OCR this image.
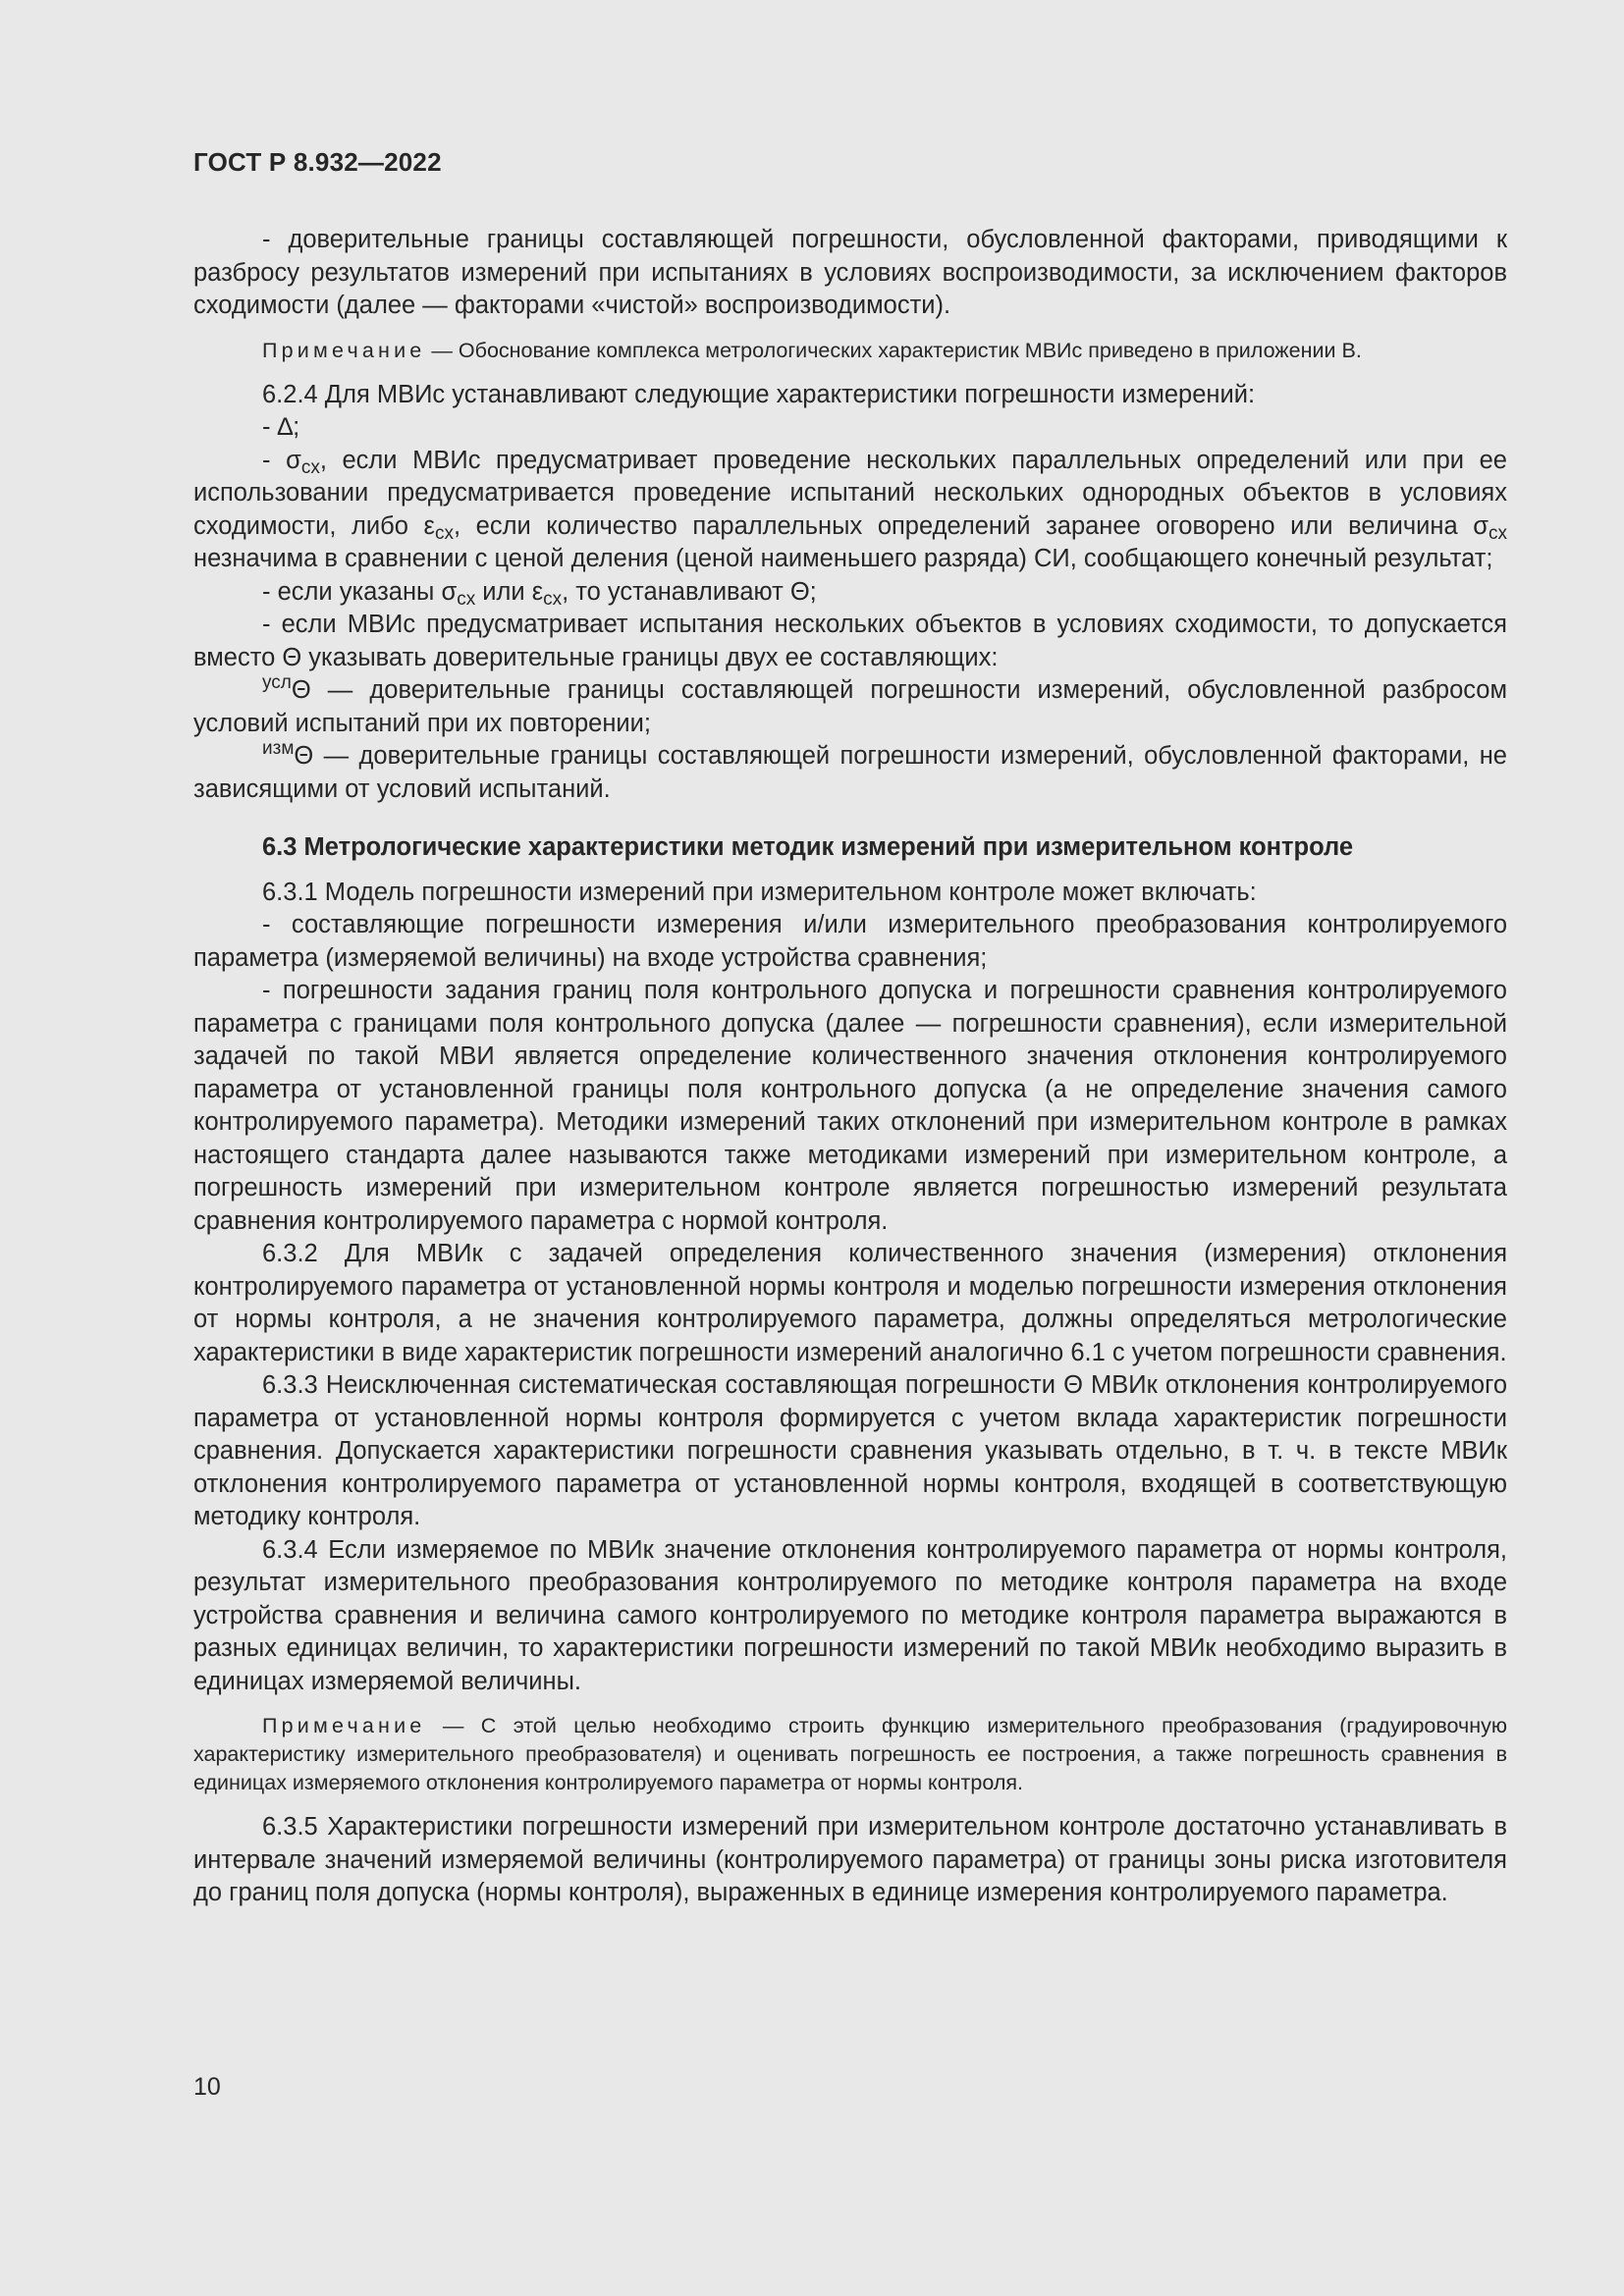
ГОСТ Р 8.932—2022

- доверительные границы составляющей погрешности, обусловленной факторами, приводящими к разбросу результатов измерений при испытаниях в условиях воспроизводимости, за исключением факторов сходимости (далее — факторами «чистой» воспроизводимости).

Примечание — Обоснование комплекса метрологических характеристик МВИс приведено в приложении В.

6.2.4 Для МВИс устанавливают следующие характеристики погрешности измерений:

- ∆;

- $\sigma_{cx}$, если МВИс предусматривает проведение нескольких параллельных определений или при ее использовании предусматривается проведение испытаний нескольких однородных объектов в условиях сходимости, либо $\varepsilon_{cx}$, если количество параллельных определений заранее оговорено или величина $\sigma_{cx}$ незначима в сравнении с ценой деления (ценой наименьшего разряда) СИ, сообщающего конечный результат;

- если указаны $\sigma_{cx}$ или $\varepsilon_{cx}$, то устанавливают Θ;

- если МВИс предусматривает испытания нескольких объектов в условиях сходимости, то допускается вместо Θ указывать доверительные границы двух ее составляющих:

$^{усл}$Θ — доверительные границы составляющей погрешности измерений, обусловленной разбросом условий испытаний при их повторении;

$^{изм}$Θ — доверительные границы составляющей погрешности измерений, обусловленной факторами, не зависящими от условий испытаний.

6.3 Метрологические характеристики методик измерений при измерительном контроле

6.3.1 Модель погрешности измерений при измерительном контроле может включать:

- составляющие погрешности измерения и/или измерительного преобразования контролируемого параметра (измеряемой величины) на входе устройства сравнения;

- погрешности задания границ поля контрольного допуска и погрешности сравнения контролируемого параметра с границами поля контрольного допуска (далее — погрешности сравнения), если измерительной задачей по такой МВИ является определение количественного значения отклонения контролируемого параметра от установленной границы поля контрольного допуска (а не определение значения самого контролируемого параметра). Методики измерений таких отклонений при измерительном контроле в рамках настоящего стандарта далее называются также методиками измерений при измерительном контроле, а погрешность измерений при измерительном контроле является погрешностью измерений результата сравнения контролируемого параметра с нормой контроля.

6.3.2 Для МВИк с задачей определения количественного значения (измерения) отклонения контролируемого параметра от установленной нормы контроля и моделью погрешности измерения отклонения от нормы контроля, а не значения контролируемого параметра, должны определяться метрологические характеристики в виде характеристик погрешности измерений аналогично 6.1 с учетом погрешности сравнения.

6.3.3 Неисключенная систематическая составляющая погрешности Θ МВИк отклонения контролируемого параметра от установленной нормы контроля формируется с учетом вклада характеристик погрешности сравнения. Допускается характеристики погрешности сравнения указывать отдельно, в т. ч. в тексте МВИк отклонения контролируемого параметра от установленной нормы контроля, входящей в соответствующую методику контроля.

6.3.4 Если измеряемое по МВИк значение отклонения контролируемого параметра от нормы контроля, результат измерительного преобразования контролируемого по методике контроля параметра на входе устройства сравнения и величина самого контролируемого по методике контроля параметра выражаются в разных единицах величин, то характеристики погрешности измерений по такой МВИк необходимо выразить в единицах измеряемой величины.

Примечание — С этой целью необходимо строить функцию измерительного преобразования (градуировочную характеристику измерительного преобразователя) и оценивать погрешность ее построения, а также погрешность сравнения в единицах измеряемого отклонения контролируемого параметра от нормы контроля.

6.3.5 Характеристики погрешности измерений при измерительном контроле достаточно устанавливать в интервале значений измеряемой величины (контролируемого параметра) от границы зоны риска изготовителя до границ поля допуска (нормы контроля), выраженных в единице измерения контролируемого параметра.

10
